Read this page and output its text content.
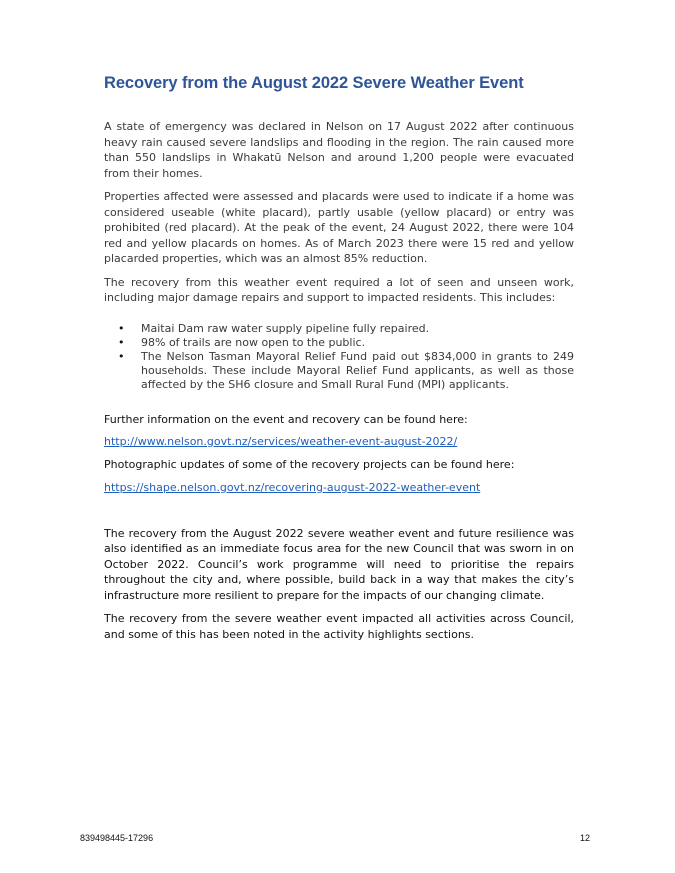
Recovery from the August 2022 Severe Weather Event

A state of emergency was declared in Nelson on 17 August 2022 after continuous heavy rain caused severe landslips and flooding in the region. The rain caused more than 550 landslips in Whakatū Nelson and around 1,200 people were evacuated from their homes.

Properties affected were assessed and placards were used to indicate if a home was considered useable (white placard), partly usable (yellow placard) or entry was prohibited (red placard). At the peak of the event, 24 August 2022, there were 104 red and yellow placards on homes. As of March 2023 there were 15 red and yellow placarded properties, which was an almost 85% reduction.

The recovery from this weather event required a lot of seen and unseen work, including major damage repairs and support to impacted residents. This includes:

• Maitai Dam raw water supply pipeline fully repaired.
• 98% of trails are now open to the public.
• The Nelson Tasman Mayoral Relief Fund paid out $834,000 in grants to 249 households. These include Mayoral Relief Fund applicants, as well as those affected by the SH6 closure and Small Rural Fund (MPI) applicants.

Further information on the event and recovery can be found here:

http://www.nelson.govt.nz/services/weather-event-august-2022/

Photographic updates of some of the recovery projects can be found here:

https://shape.nelson.govt.nz/recovering-august-2022-weather-event

The recovery from the August 2022 severe weather event and future resilience was also identified as an immediate focus area for the new Council that was sworn in on October 2022. Council’s work programme will need to prioritise the repairs throughout the city and, where possible, build back in a way that makes the city’s infrastructure more resilient to prepare for the impacts of our changing climate.

The recovery from the severe weather event impacted all activities across Council, and some of this has been noted in the activity highlights sections.

839498445-17296	12
